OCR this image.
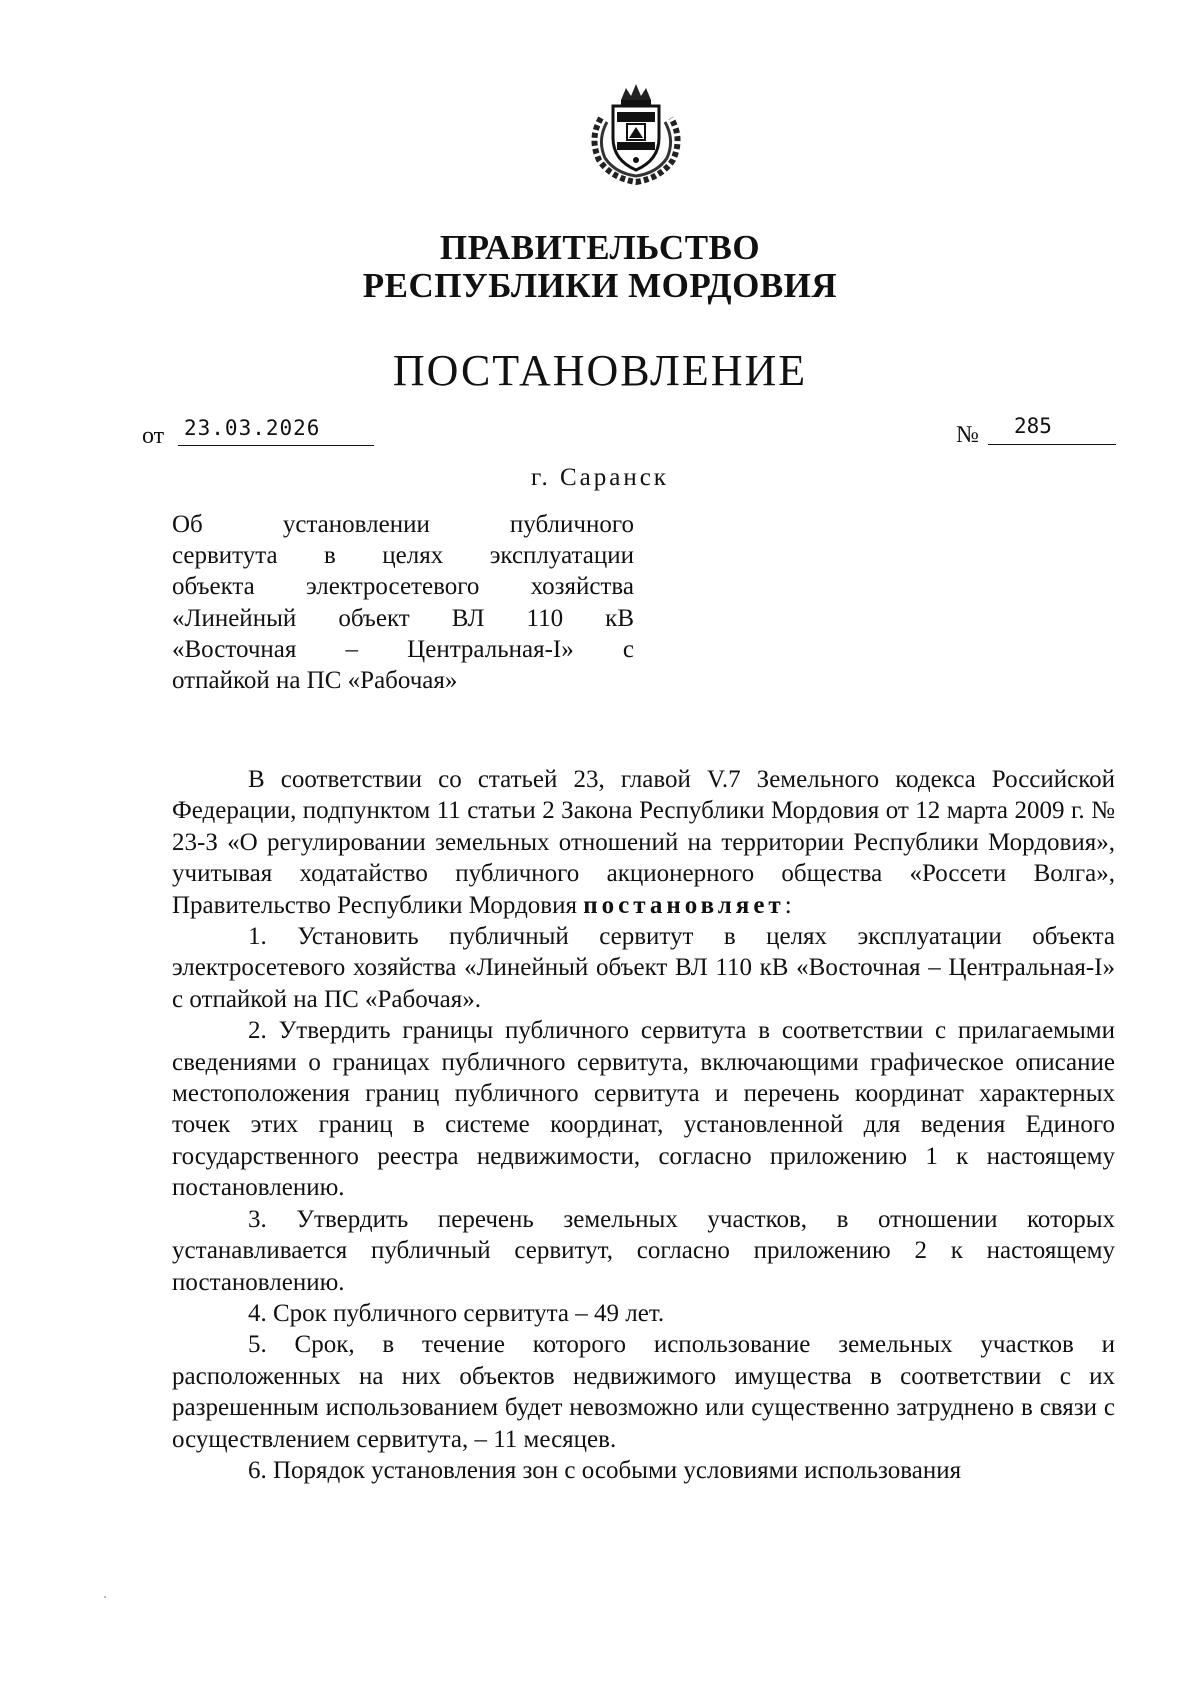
ПРАВИТЕЛЬСТВО
РЕСПУБЛИКИ МОРДОВИЯ
ПОСТАНОВЛЕНИЕ
от 23.03.2026	№	285
г. Саранск
Об установлении публичного
сервитута в целях эксплуатации
объекта электросетевого хозяйства
«Линейный объект ВЛ 110 кВ
«Восточная – Центральная-I» с
отпайкой на ПС «Рабочая»

В соответствии со статьей 23, главой V.7 Земельного кодекса Российской Федерации, подпунктом 11 статьи 2 Закона Республики Мордовия от 12 марта 2009 г. № 23-З «О регулировании земельных отношений на территории Республики Мордовия», учитывая ходатайство публичного акционерного общества «Россети Волга», Правительство Республики Мордовия постановляет:

1. Установить публичный сервитут в целях эксплуатации объекта электросетевого хозяйства «Линейный объект ВЛ 110 кВ «Восточная – Центральная-I» с отпайкой на ПС «Рабочая».

2. Утвердить границы публичного сервитута в соответствии с прилагаемыми сведениями о границах публичного сервитута, включающими графическое описание местоположения границ публичного сервитута и перечень координат характерных точек этих границ в системе координат, установленной для ведения Единого государственного реестра недвижимости, согласно приложению 1 к настоящему постановлению.

3. Утвердить перечень земельных участков, в отношении которых устанавливается публичный сервитут, согласно приложению 2 к настоящему постановлению.

4. Срок публичного сервитута – 49 лет.

5. Срок, в течение которого использование земельных участков и расположенных на них объектов недвижимого имущества в соответствии с их разрешенным использованием будет невозможно или существенно затруднено в связи с осуществлением сервитута, – 11 месяцев.

6. Порядок установления зон с особыми условиями использования
